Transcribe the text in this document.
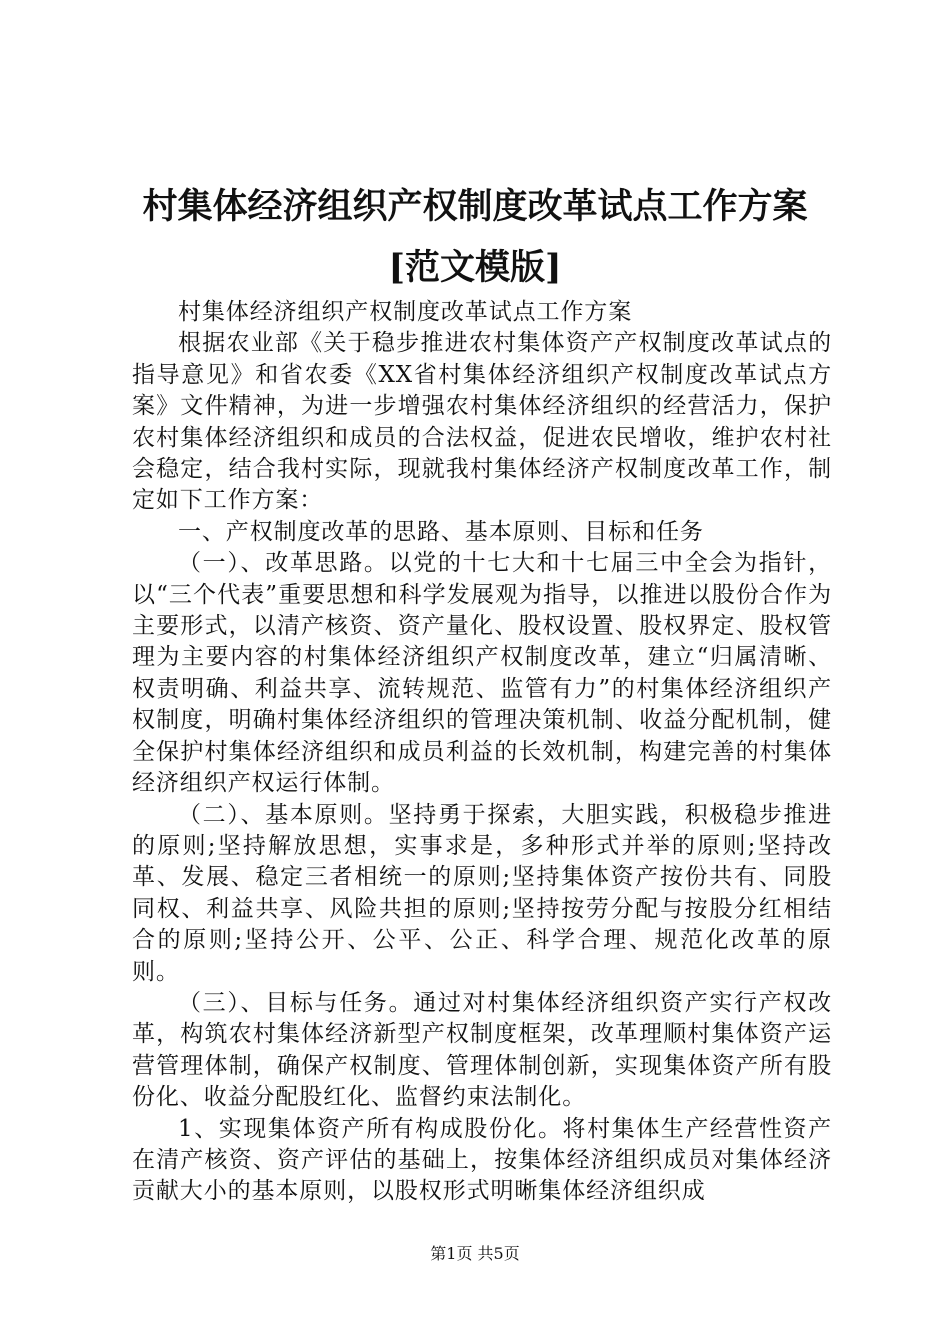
村集体经济组织产权制度改革试点工作方案
[范文模版]

村集体经济组织产权制度改革试点工作方案

根据农业部《关于稳步推进农村集体资产产权制度改革试点的指导意见》和省农委《XX省村集体经济组织产权制度改革试点方案》文件精神，为进一步增强农村集体经济组织的经营活力，保护农村集体经济组织和成员的合法权益，促进农民增收，维护农村社会稳定，结合我村实际，现就我村集体经济产权制度改革工作，制定如下工作方案：

一、产权制度改革的思路、基本原则、目标和任务

（一）、改革思路。以党的十七大和十七届三中全会为指针，以“三个代表”重要思想和科学发展观为指导，以推进以股份合作为主要形式，以清产核资、资产量化、股权设置、股权界定、股权管理为主要内容的村集体经济组织产权制度改革，建立“归属清晰、权责明确、利益共享、流转规范、监管有力”的村集体经济组织产权制度，明确村集体经济组织的管理决策机制、收益分配机制，健全保护村集体经济组织和成员利益的长效机制，构建完善的村集体经济组织产权运行体制。

（二）、基本原则。坚持勇于探索，大胆实践，积极稳步推进的原则;坚持解放思想，实事求是，多种形式并举的原则;坚持改革、发展、稳定三者相统一的原则;坚持集体资产按份共有、同股同权、利益共享、风险共担的原则;坚持按劳分配与按股分红相结合的原则;坚持公开、公平、公正、科学合理、规范化改革的原则。

（三）、目标与任务。通过对村集体经济组织资产实行产权改革，构筑农村集体经济新型产权制度框架，改革理顺村集体资产运营管理体制，确保产权制度、管理体制创新，实现集体资产所有股份化、收益分配股红化、监督约束法制化。

1、实现集体资产所有构成股份化。将村集体生产经营性资产在清产核资、资产评估的基础上，按集体经济组织成员对集体经济贡献大小的基本原则，以股权形式明晰集体经济组织成

第1页 共5页
